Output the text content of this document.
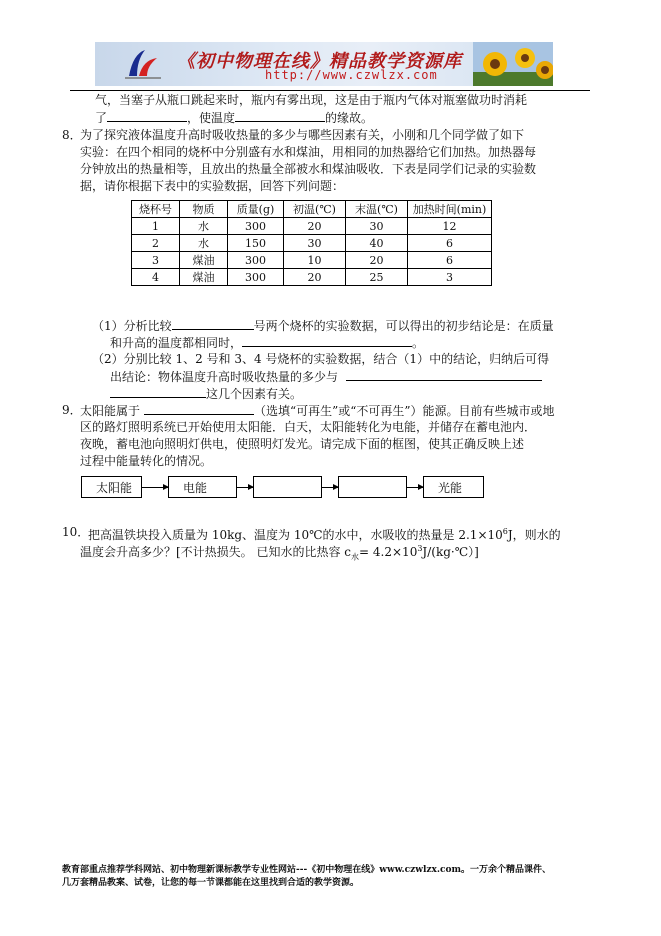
《初中物理在线》精品教学资源库
http://www.czwlzx.com
气，当塞子从瓶口跳起来时，瓶内有雾出现，这是由于瓶内气体对瓶塞做功时消耗
了	，使温度	的缘故。
8．
为了探究液体温度升高时吸收热量的多少与哪些因素有关，小刚和几个同学做了如下
实验：在四个相同的烧杯中分别盛有水和煤油，用相同的加热器给它们加热。加热器每
分钟放出的热量相等，且放出的热量全部被水和煤油吸收．下表是同学们记录的实验数
据，请你根据下表中的实验数据，回答下列问题：
烧杯号	物质	质量(g)	初温(℃)	末温(℃)	加热时间(min)
1	水	300	20	30	12
2	水	150	30	40	6
3	煤油	300	10	20	6
4	煤油	300	20	25	3
（1）分析比较	号两个烧杯的实验数据，可以得出的初步结论是：在质量
和升高的温度都相同时，	。
（2）分别比较 1、2 号和 3、4 号烧杯的实验数据，结合（1）中的结论，归纳后可得
出结论：物体温度升高时吸收热量的多少与
这几个因素有关。
9．
太阳能属于	（选填“可再生”或“不可再生”）能源。目前有些城市或地
区的路灯照明系统已开始使用太阳能．白天，太阳能转化为电能，并储存在蓄电池内．
夜晚，蓄电池向照明灯供电，使照明灯发光。请完成下面的框图，使其正确反映上述
过程中能量转化的情况。
太阳能	电能	光能
10．
把高温铁块投入质量为 10kg、温度为 10℃的水中，水吸收的热量是 $2.1\times 10^6J$，则水的
温度会升高多少？[不计热损失。 已知水的比热容 $c_水=$ $4.2\times 10^3J/(kg\cdot℃)$]
教育部重点推荐学科网站、初中物理新课标教学专业性网站---《初中物理在线》www.czwlzx.com。一万余个精品课件、
几万套精品教案、试卷，让您的每一节课都能在这里找到合适的教学资源。
